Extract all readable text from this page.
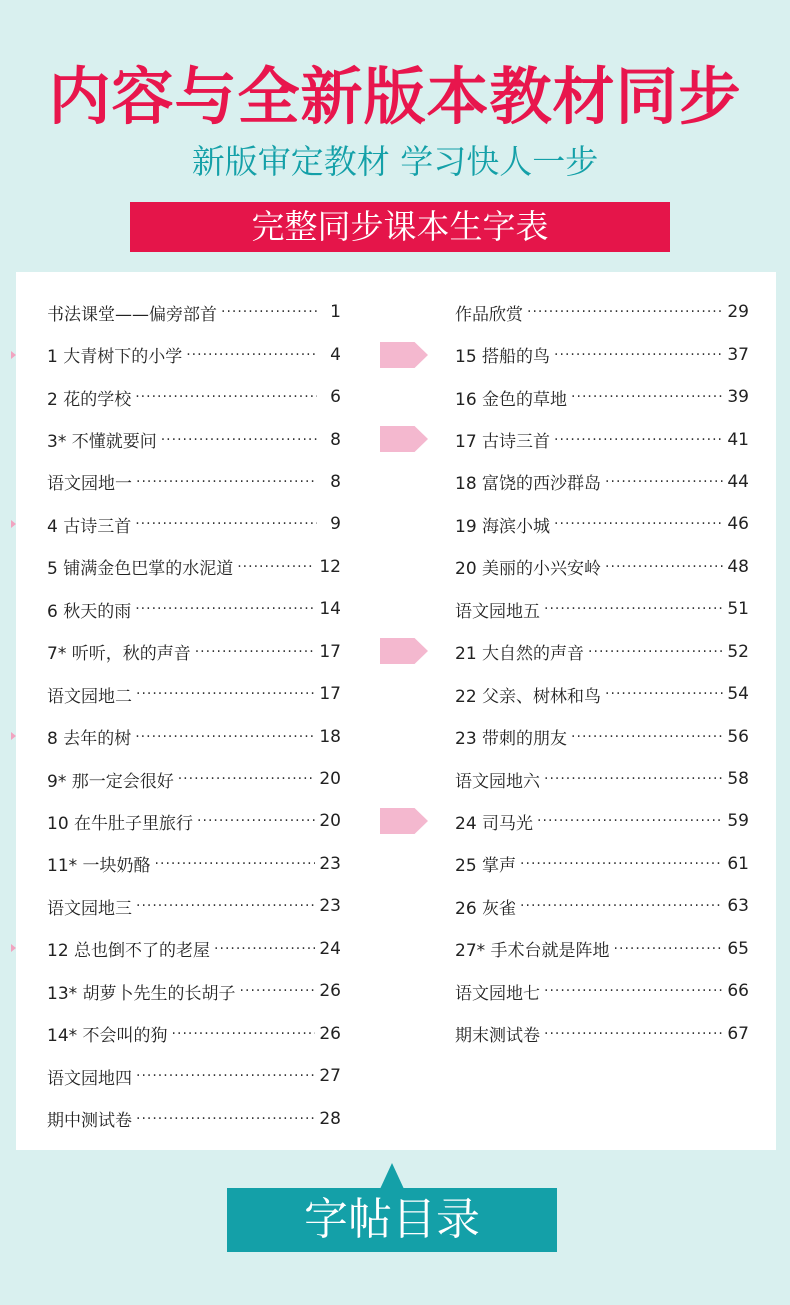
内容与全新版本教材同步
新版审定教材 学习快人一步
完整同步课本生字表
书法课堂——偏旁部首 ·····	1
1 大青树下的小学 ·····	4
2 花的学校 ·····	6
3* 不懂就要问 ·····	8
语文园地一 ·····	8
4 古诗三首 ·····	9
5 铺满金色巴掌的水泥道 ·····	12
6 秋天的雨 ·····	14
7* 听听，秋的声音 ·····	17
语文园地二 ·····	17
8 去年的树 ·····	18
9* 那一定会很好 ·····	20
10 在牛肚子里旅行 ·····	20
11* 一块奶酪 ·····	23
语文园地三 ·····	23
12 总也倒不了的老屋 ·····	24
13* 胡萝卜先生的长胡子 ·····	26
14* 不会叫的狗 ·····	26
语文园地四 ·····	27
期中测试卷 ·····	28
作品欣赏 ·····	29
15 搭船的鸟 ·····	37
16 金色的草地 ·····	39
17 古诗三首 ·····	41
18 富饶的西沙群岛 ·····	44
19 海滨小城 ·····	46
20 美丽的小兴安岭 ·····	48
语文园地五 ·····	51
21 大自然的声音 ·····	52
22 父亲、树林和鸟 ·····	54
23 带刺的朋友 ·····	56
语文园地六 ·····	58
24 司马光 ·····	59
25 掌声 ·····	61
26 灰雀 ·····	63
27* 手术台就是阵地 ·····	65
语文园地七 ·····	66
期末测试卷 ·····	67
字帖目录
